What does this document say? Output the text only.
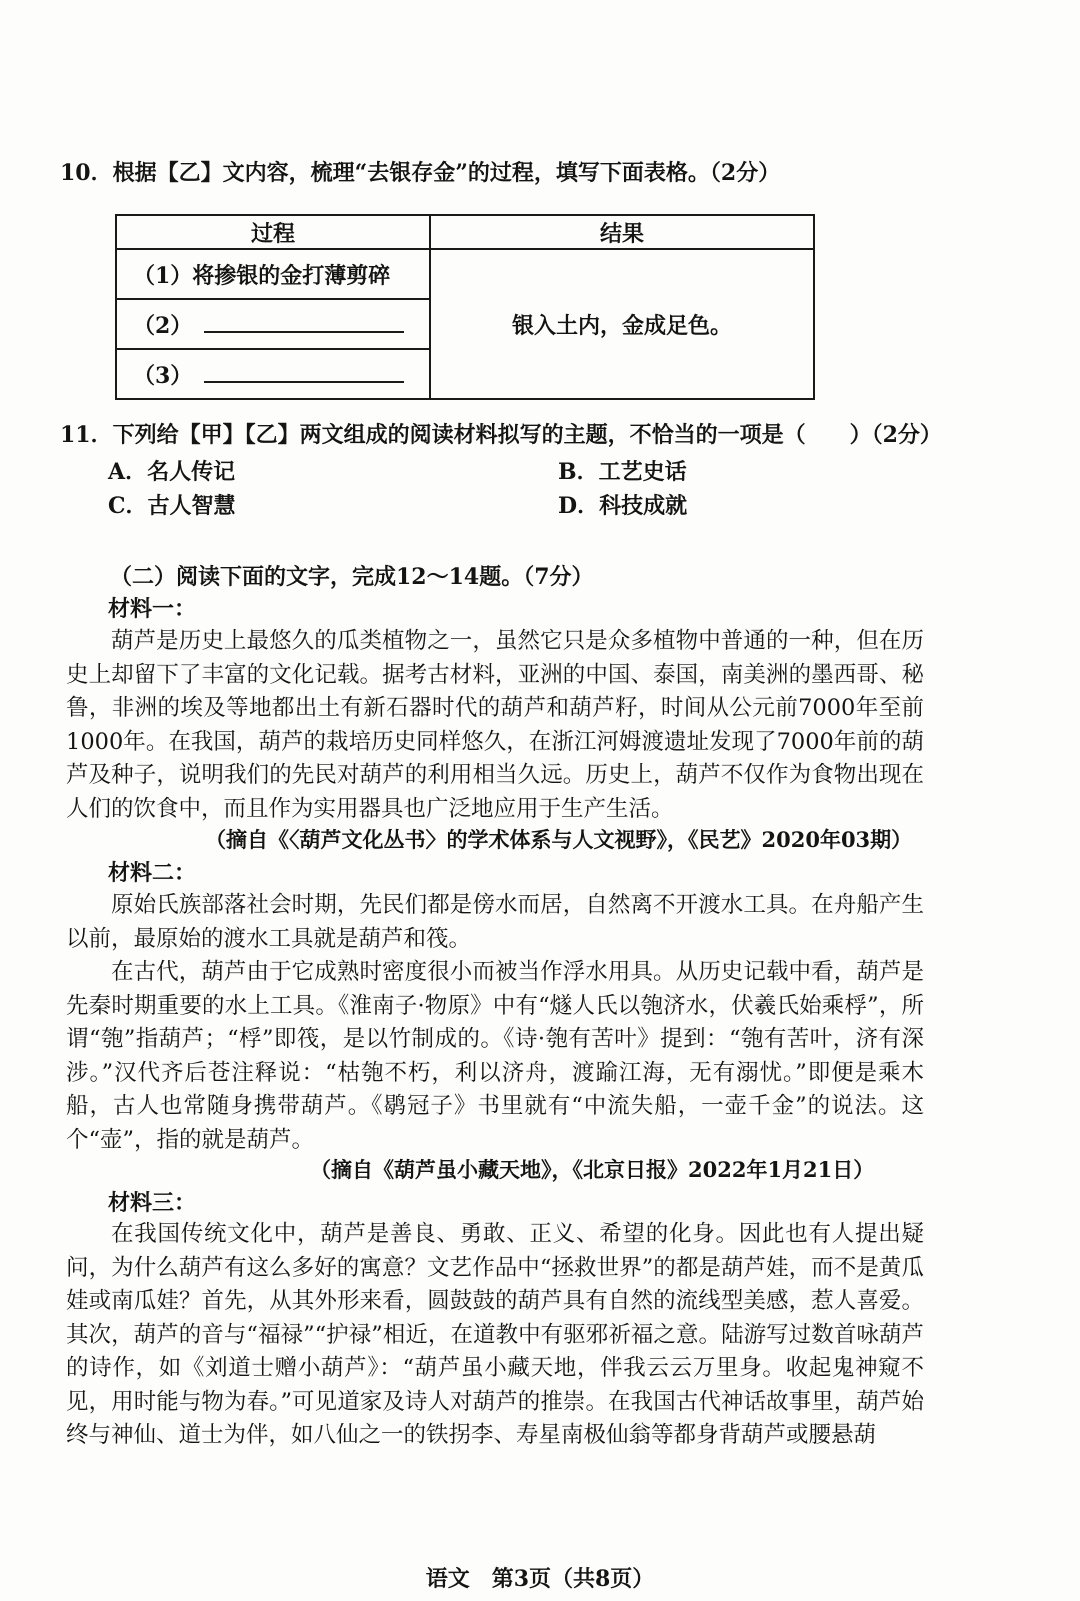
10．根据【乙】文内容，梳理“去银存金”的过程，填写下面表格。（2分）
过程	结果
（1）将掺银的金打薄剪碎	银入土内，金成足色。
（2）	
（3）	
11．下列给【甲】【乙】两文组成的阅读材料拟写的主题，不恰当的一项是（　　）（2分）
A．名人传记	B．工艺史话
C．古人智慧	D．科技成就
（二）阅读下面的文字，完成12～14题。（7分）
材料一：
葫芦是历史上最悠久的瓜类植物之一，虽然它只是众多植物中普通的一种，但在历史上却留下了丰富的文化记载。据考古材料，亚洲的中国、泰国，南美洲的墨西哥、秘鲁，非洲的埃及等地都出土有新石器时代的葫芦和葫芦籽，时间从公元前7000年至前1000年。在我国，葫芦的栽培历史同样悠久，在浙江河姆渡遗址发现了7000年前的葫芦及种子，说明我们的先民对葫芦的利用相当久远。历史上，葫芦不仅作为食物出现在人们的饮食中，而且作为实用器具也广泛地应用于生产生活。
（摘自《〈葫芦文化丛书〉的学术体系与人文视野》，《民艺》2020年03期）
材料二：
原始氏族部落社会时期，先民们都是傍水而居，自然离不开渡水工具。在舟船产生以前，最原始的渡水工具就是葫芦和筏。
在古代，葫芦由于它成熟时密度很小而被当作浮水用具。从历史记载中看，葫芦是先秦时期重要的水上工具。《淮南子·物原》中有“燧人氏以匏济水，伏羲氏始乘桴”，所谓“匏”指葫芦；“桴”即筏，是以竹制成的。《诗·匏有苦叶》提到：“匏有苦叶，济有深涉。”汉代齐后苍注释说：“枯匏不朽，利以济舟，渡踰江海，无有溺忧。”即便是乘木船，古人也常随身携带葫芦。《鹖冠子》书里就有“中流失船，一壶千金”的说法。这个“壶”，指的就是葫芦。
（摘自《葫芦虽小藏天地》，《北京日报》2022年1月21日）
材料三：
在我国传统文化中，葫芦是善良、勇敢、正义、希望的化身。因此也有人提出疑问，为什么葫芦有这么多好的寓意？文艺作品中“拯救世界”的都是葫芦娃，而不是黄瓜娃或南瓜娃？首先，从其外形来看，圆鼓鼓的葫芦具有自然的流线型美感，惹人喜爱。其次，葫芦的音与“福禄”“护禄”相近，在道教中有驱邪祈福之意。陆游写过数首咏葫芦的诗作，如《刘道士赠小葫芦》：“葫芦虽小藏天地，伴我云云万里身。收起鬼神窥不见，用时能与物为春。”可见道家及诗人对葫芦的推崇。在我国古代神话故事里，葫芦始终与神仙、道士为伴，如八仙之一的铁拐李、寿星南极仙翁等都身背葫芦或腰悬葫
语文　第3页（共8页）
